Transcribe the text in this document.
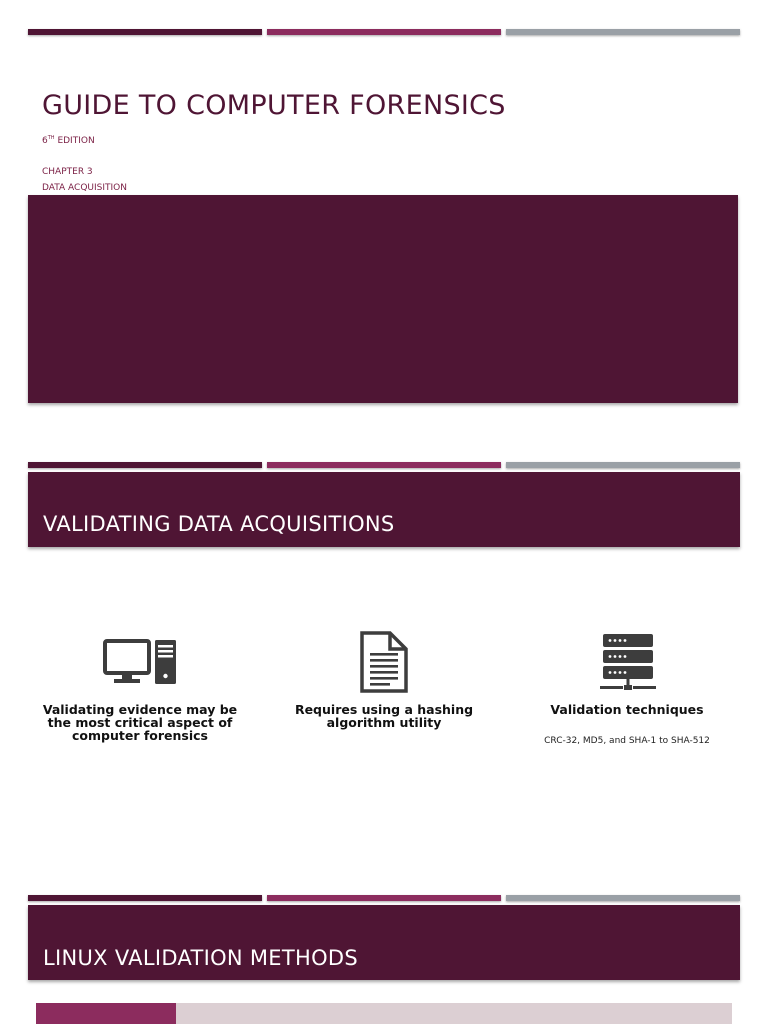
GUIDE TO COMPUTER FORENSICS
6TH EDITION
CHAPTER 3
DATA ACQUISITION
VALIDATING DATA ACQUISITIONS
Validating evidence may be the most critical aspect of computer forensics
Requires using a hashing algorithm utility
Validation techniques
CRC-32, MD5, and SHA-1 to SHA-512
LINUX VALIDATION METHODS
